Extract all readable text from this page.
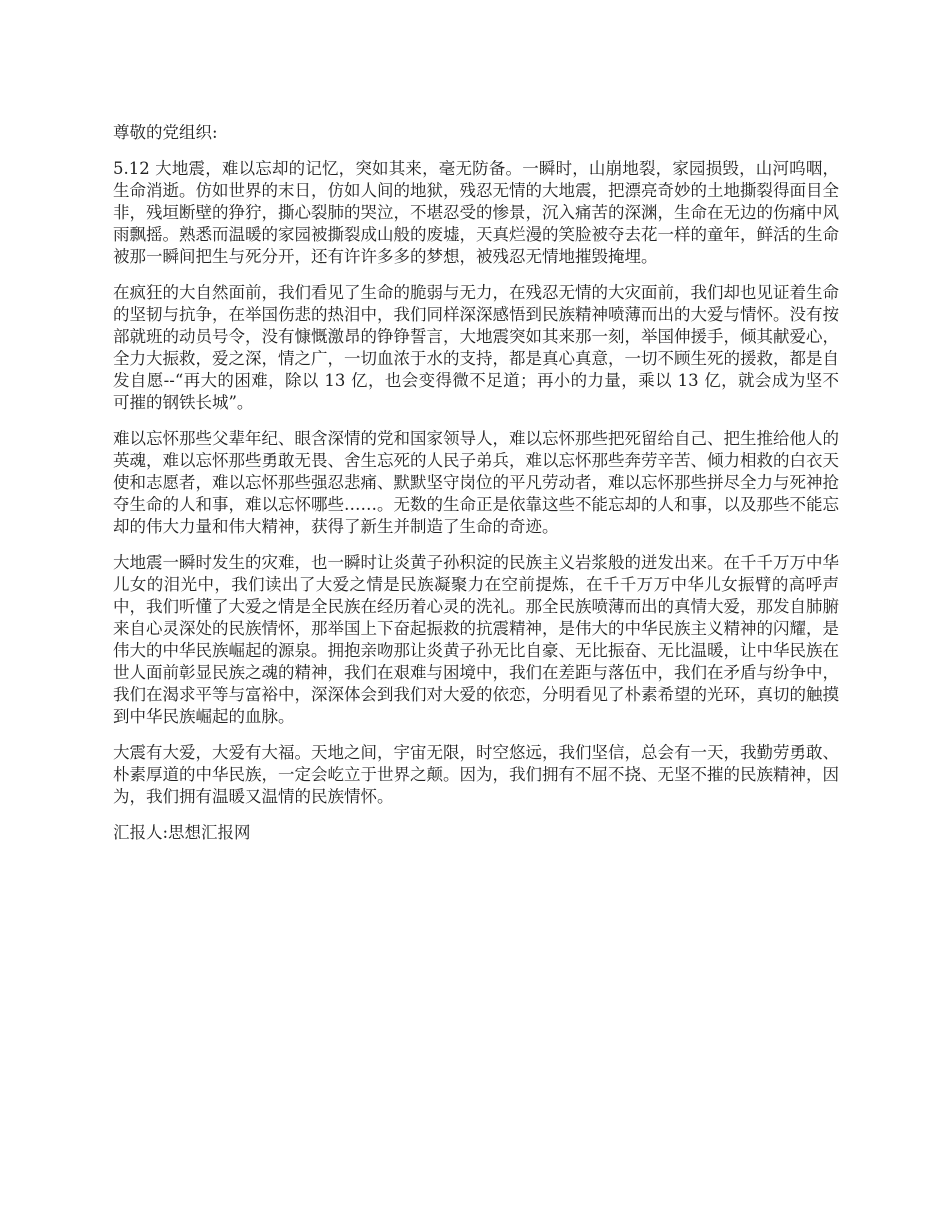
尊敬的党组织:

5.12 大地震，难以忘却的记忆，突如其来，毫无防备。一瞬时，山崩地裂，家园损毁，山河呜咽，生命消逝。仿如世界的末日，仿如人间的地狱，残忍无情的大地震，把漂亮奇妙的土地撕裂得面目全非，残垣断壁的狰狞，撕心裂肺的哭泣，不堪忍受的惨景，沉入痛苦的深渊，生命在无边的伤痛中风雨飘摇。熟悉而温暖的家园被撕裂成山般的废墟，天真烂漫的笑脸被夺去花一样的童年，鲜活的生命被那一瞬间把生与死分开，还有许许多多的梦想，被残忍无情地摧毁掩埋。

在疯狂的大自然面前，我们看见了生命的脆弱与无力，在残忍无情的大灾面前，我们却也见证着生命的坚韧与抗争，在举国伤悲的热泪中，我们同样深深感悟到民族精神喷薄而出的大爱与情怀。没有按部就班的动员号令，没有慷慨激昂的铮铮誓言，大地震突如其来那一刻，举国伸援手，倾其献爱心，全力大振救，爱之深，情之广，一切血浓于水的支持，都是真心真意，一切不顾生死的援救，都是自发自愿--“再大的困难，除以 13 亿，也会变得微不足道；再小的力量，乘以 13 亿，就会成为坚不可摧的钢铁长城”。

难以忘怀那些父辈年纪、眼含深情的党和国家领导人，难以忘怀那些把死留给自己、把生推给他人的英魂，难以忘怀那些勇敢无畏、舍生忘死的人民子弟兵，难以忘怀那些奔劳辛苦、倾力相救的白衣天使和志愿者，难以忘怀那些强忍悲痛、默默坚守岗位的平凡劳动者，难以忘怀那些拼尽全力与死神抢夺生命的人和事，难以忘怀哪些……。无数的生命正是依靠这些不能忘却的人和事，以及那些不能忘却的伟大力量和伟大精神，获得了新生并制造了生命的奇迹。

大地震一瞬时发生的灾难，也一瞬时让炎黄子孙积淀的民族主义岩浆般的迸发出来。在千千万万中华儿女的泪光中，我们读出了大爱之情是民族凝聚力在空前提炼，在千千万万中华儿女振臂的高呼声中，我们听懂了大爱之情是全民族在经历着心灵的洗礼。那全民族喷薄而出的真情大爱，那发自肺腑来自心灵深处的民族情怀，那举国上下奋起振救的抗震精神，是伟大的中华民族主义精神的闪耀，是伟大的中华民族崛起的源泉。拥抱亲吻那让炎黄子孙无比自豪、无比振奋、无比温暖，让中华民族在世人面前彰显民族之魂的精神，我们在艰难与困境中，我们在差距与落伍中，我们在矛盾与纷争中，我们在渴求平等与富裕中，深深体会到我们对大爱的依恋，分明看见了朴素希望的光环，真切的触摸到中华民族崛起的血脉。

大震有大爱，大爱有大福。天地之间，宇宙无限，时空悠远，我们坚信，总会有一天，我勤劳勇敢、朴素厚道的中华民族，一定会屹立于世界之颠。因为，我们拥有不屈不挠、无坚不摧的民族精神，因为，我们拥有温暖又温情的民族情怀。

汇报人:思想汇报网
